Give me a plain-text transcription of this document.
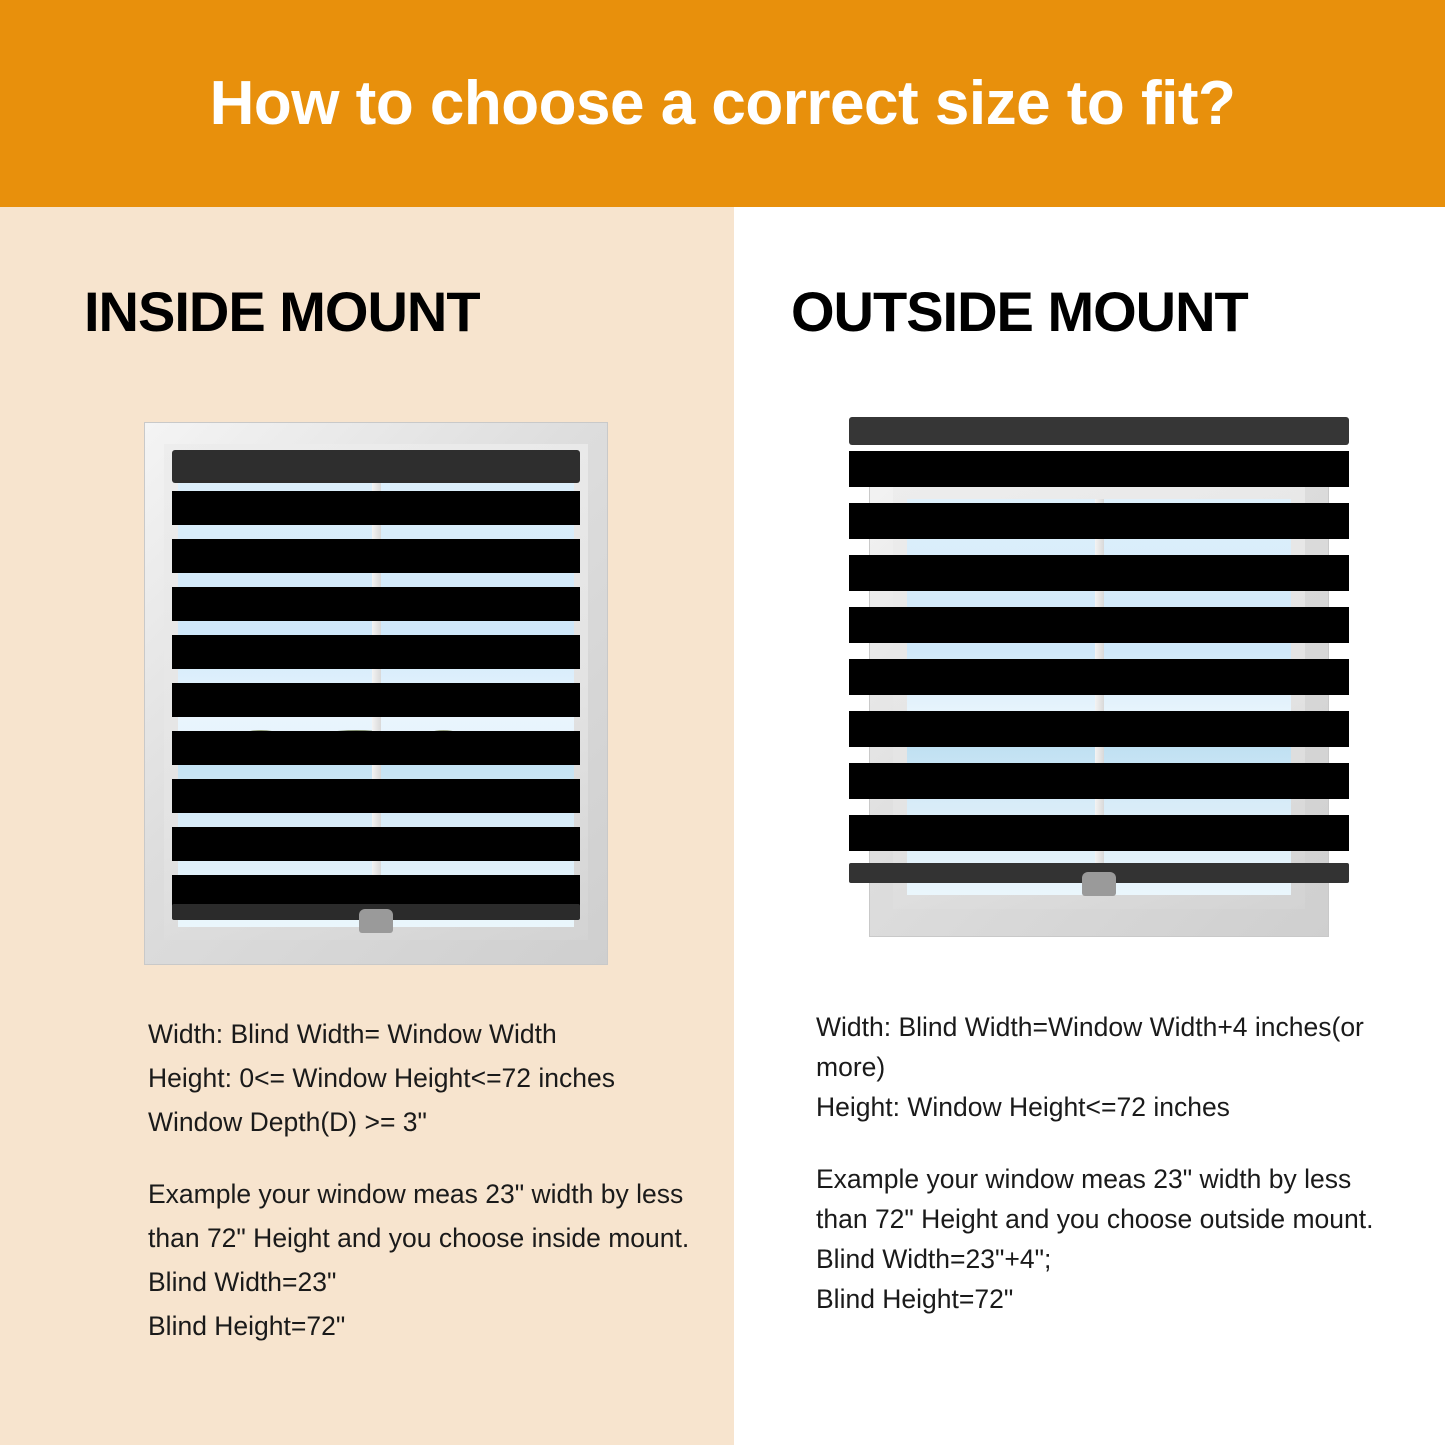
How to choose a correct size to fit?
INSIDE MOUNT

Width: Blind Width= Window Width

Height: 0<= Window Height<=72 inches

Window Depth(D) >= 3"

Example your window meas 23" width by less than 72" Height and you choose inside mount.

Blind Width=23"

Blind Height=72"

OUTSIDE MOUNT

Width: Blind Width=Window Width+4 inches(or more)

Height: Window Height<=72 inches

Example your window meas 23" width by less than 72" Height and you choose outside mount.

Blind Width=23"+4";

Blind Height=72"
